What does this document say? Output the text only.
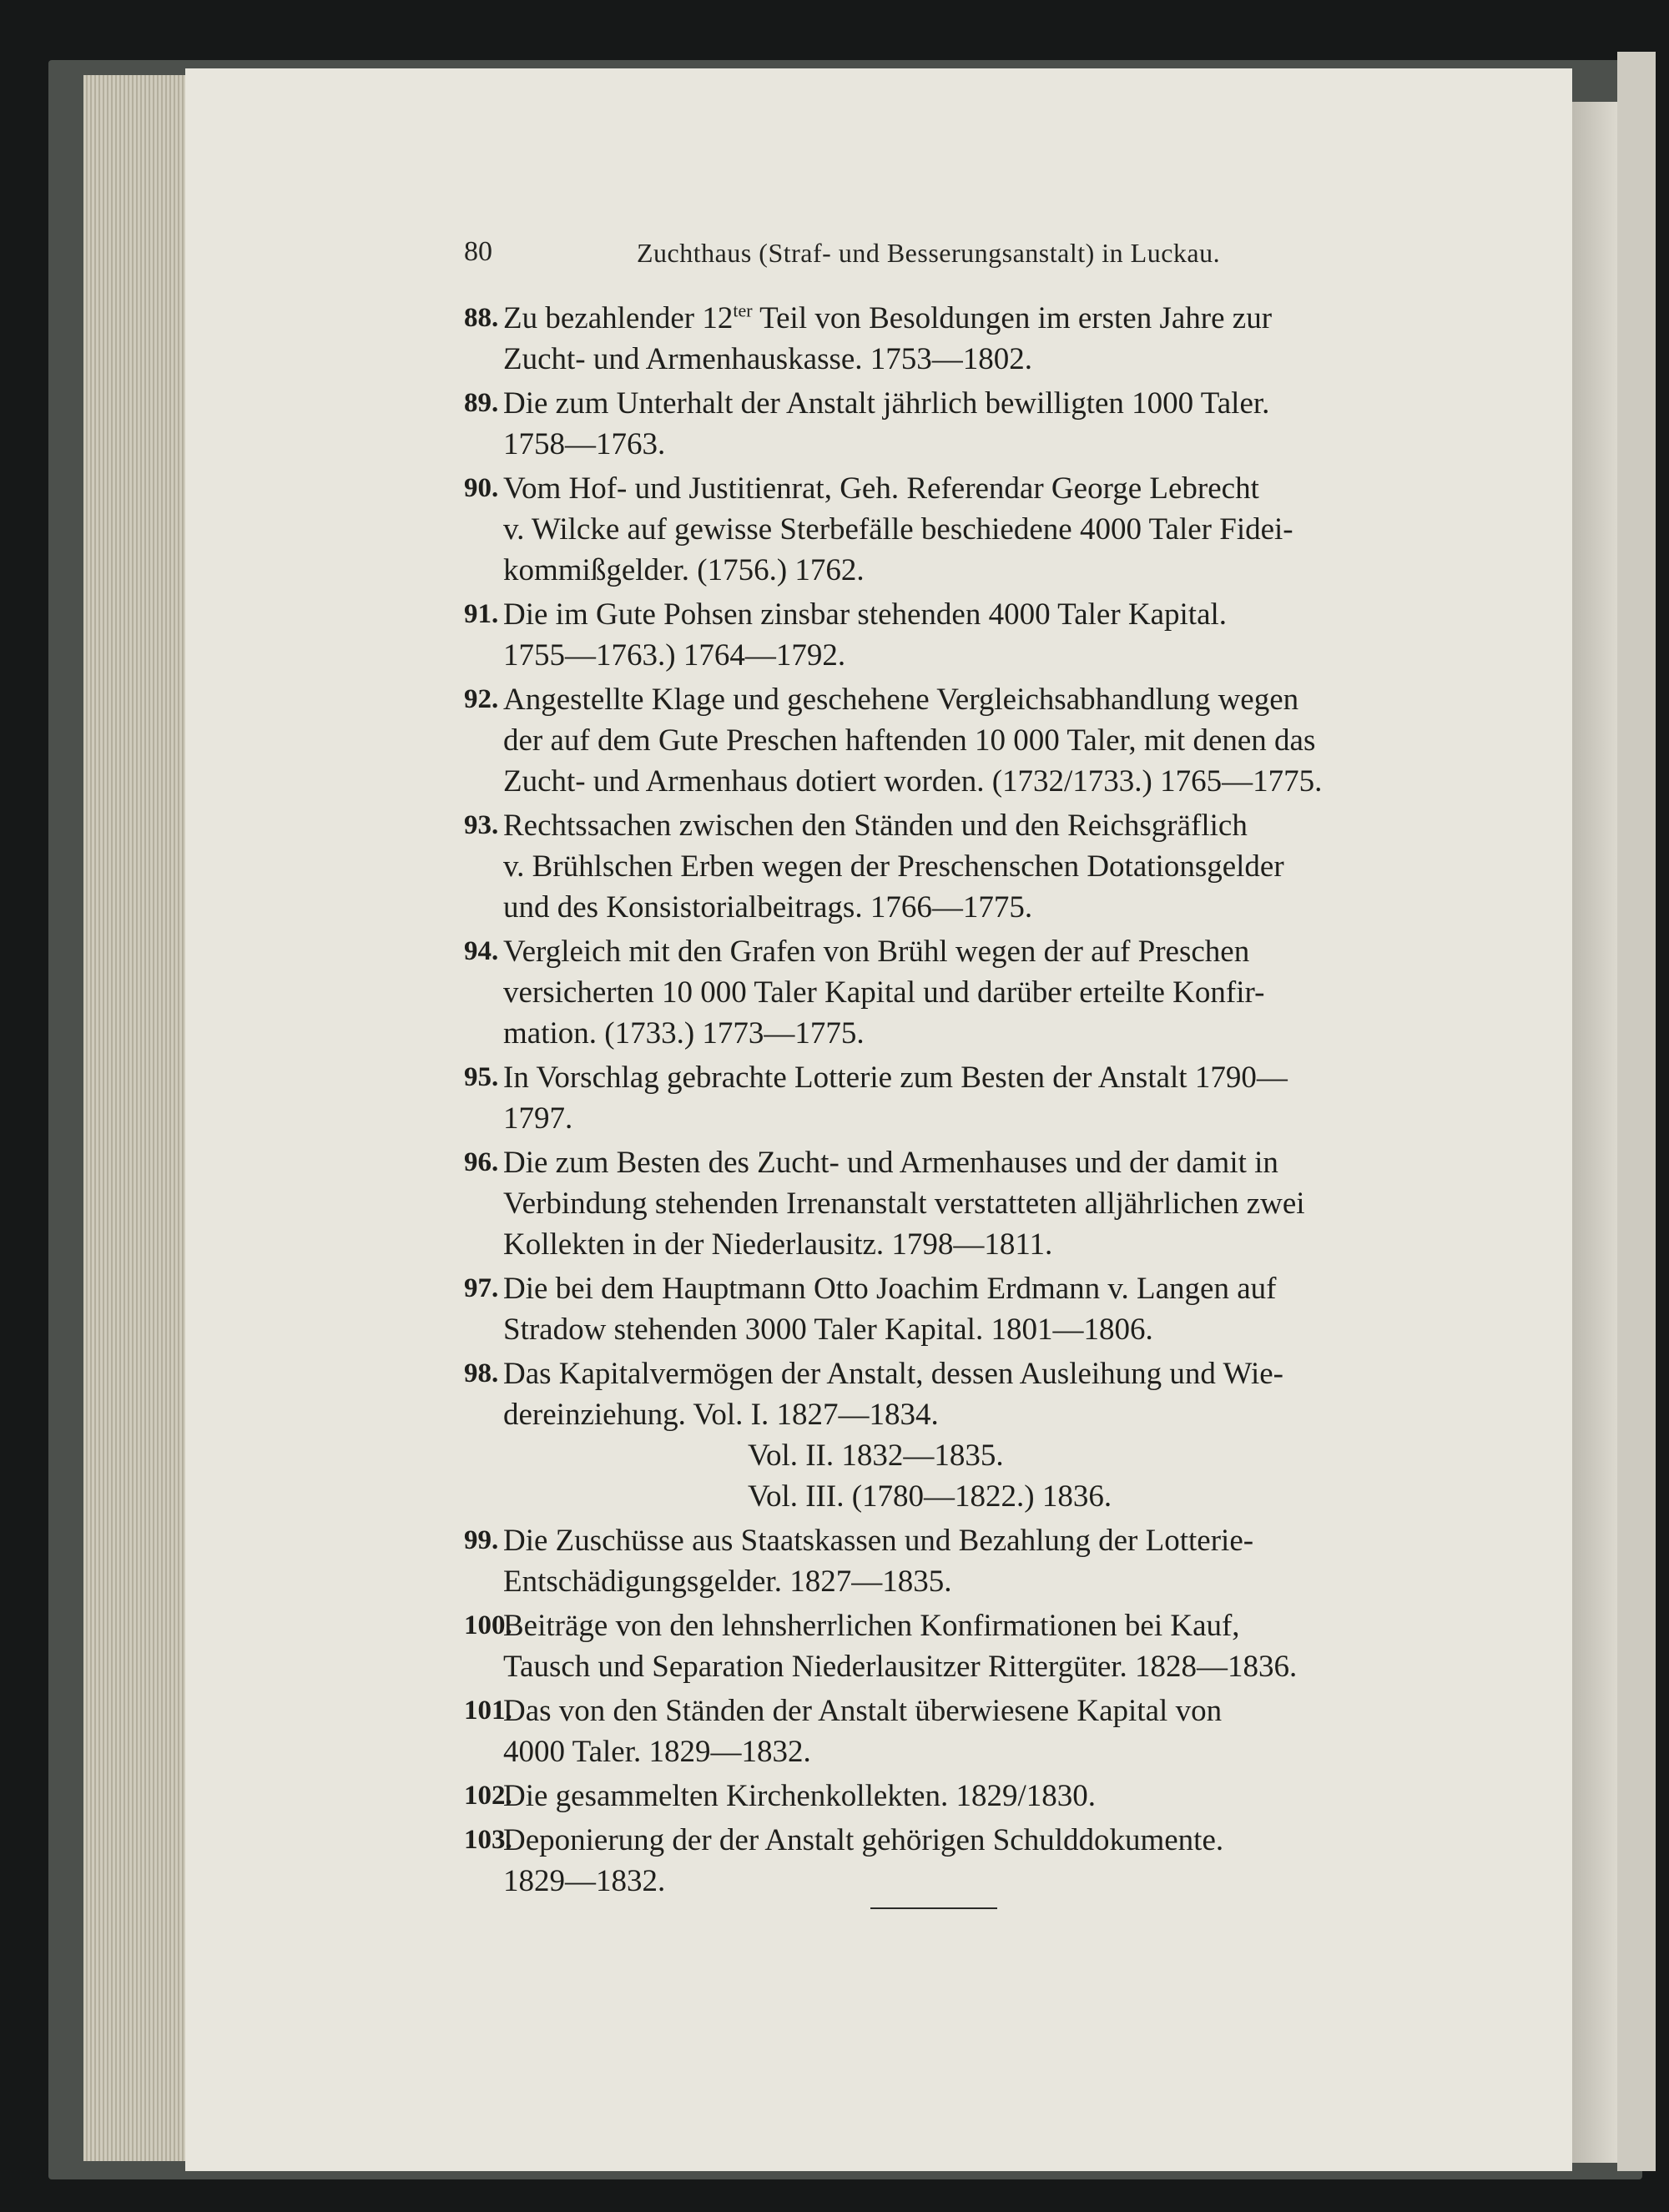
80	Zuchthaus (Straf- und Besserungsanstalt) in Luckau.
88. Zu bezahlender $12^{ter}$ Teil von Besoldungen im ersten Jahre zur
Zucht- und Armenhauskasse. 1753—1802.
89. Die zum Unterhalt der Anstalt jährlich bewilligten 1000 Taler.
1758—1763.
90. Vom Hof- und Justitienrat, Geh. Referendar George Lebrecht
v. Wilcke auf gewisse Sterbefälle beschiedene 4000 Taler Fidei-
kommißgelder. (1756.) 1762.
91. Die im Gute Pohsen zinsbar stehenden 4000 Taler Kapital.
1755—1763.) 1764—1792.
92. Angestellte Klage und geschehene Vergleichsabhandlung wegen
der auf dem Gute Preschen haftenden 10 000 Taler, mit denen das
Zucht- und Armenhaus dotiert worden. (1732/1733.) 1765—1775.
93. Rechtssachen zwischen den Ständen und den Reichsgräflich
v. Brühlschen Erben wegen der Preschenschen Dotationsgelder
und des Konsistorialbeitrags. 1766—1775.
94. Vergleich mit den Grafen von Brühl wegen der auf Preschen
versicherten 10 000 Taler Kapital und darüber erteilte Konfir-
mation. (1733.) 1773—1775.
95. In Vorschlag gebrachte Lotterie zum Besten der Anstalt 1790—
1797.
96. Die zum Besten des Zucht- und Armenhauses und der damit in
Verbindung stehenden Irrenanstalt verstatteten alljährlichen zwei
Kollekten in der Niederlausitz. 1798—1811.
97. Die bei dem Hauptmann Otto Joachim Erdmann v. Langen auf
Stradow stehenden 3000 Taler Kapital. 1801—1806.
98. Das Kapitalvermögen der Anstalt, dessen Ausleihung und Wie-
dereinziehung. Vol. I. 1827—1834.
Vol. II. 1832—1835.
Vol. III. (1780—1822.) 1836.
99. Die Zuschüsse aus Staatskassen und Bezahlung der Lotterie-
Entschädigungsgelder. 1827—1835.
100.
Beiträge von den lehnsherrlichen Konfirmationen bei Kauf,
Tausch und Separation Niederlausitzer Rittergüter. 1828—1836.
101.
Das von den Ständen der Anstalt überwiesene Kapital von
4000 Taler. 1829—1832.
102.
Die gesammelten Kirchenkollekten. 1829/1830.
103.
Deponierung der der Anstalt gehörigen Schulddokumente.
1829—1832.
